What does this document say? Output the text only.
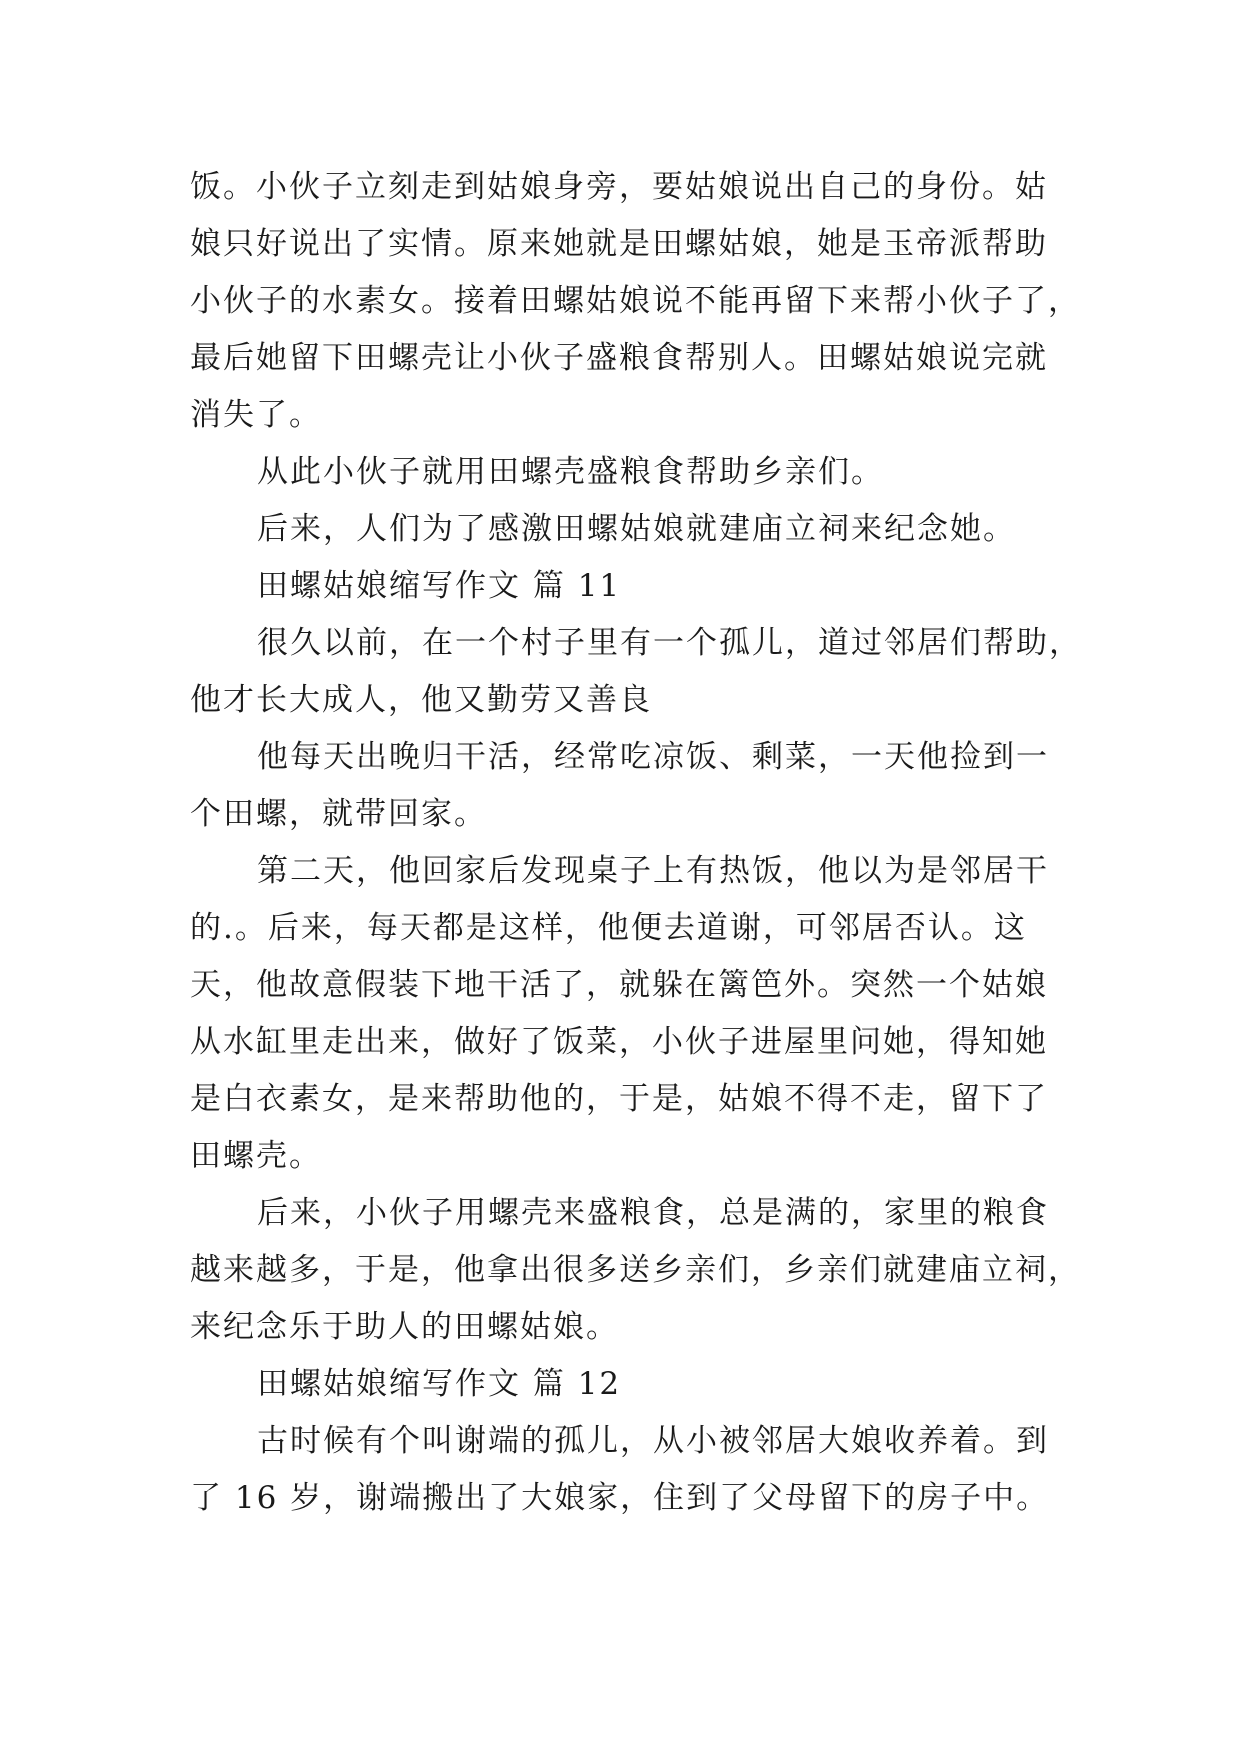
饭。小伙子立刻走到姑娘身旁，要姑娘说出自己的身份。姑
娘只好说出了实情。原来她就是田螺姑娘，她是玉帝派帮助
小伙子的水素女。接着田螺姑娘说不能再留下来帮小伙子了，
最后她留下田螺壳让小伙子盛粮食帮别人。田螺姑娘说完就
消失了。
从此小伙子就用田螺壳盛粮食帮助乡亲们。
后来，人们为了感激田螺姑娘就建庙立祠来纪念她。
田螺姑娘缩写作文 篇 11
很久以前，在一个村子里有一个孤儿，道过邻居们帮助，
他才长大成人，他又勤劳又善良
他每天出晚归干活，经常吃凉饭、剩菜，一天他捡到一
个田螺，就带回家。
第二天，他回家后发现桌子上有热饭，他以为是邻居干
的.。后来，每天都是这样，他便去道谢，可邻居否认。这
天，他故意假装下地干活了，就躲在篱笆外。突然一个姑娘
从水缸里走出来，做好了饭菜，小伙子进屋里问她，得知她
是白衣素女，是来帮助他的，于是，姑娘不得不走，留下了
田螺壳。
后来，小伙子用螺壳来盛粮食，总是满的，家里的粮食
越来越多，于是，他拿出很多送乡亲们，乡亲们就建庙立祠，
来纪念乐于助人的田螺姑娘。
田螺姑娘缩写作文 篇 12
古时候有个叫谢端的孤儿，从小被邻居大娘收养着。到
了 16 岁，谢端搬出了大娘家，住到了父母留下的房子中。
